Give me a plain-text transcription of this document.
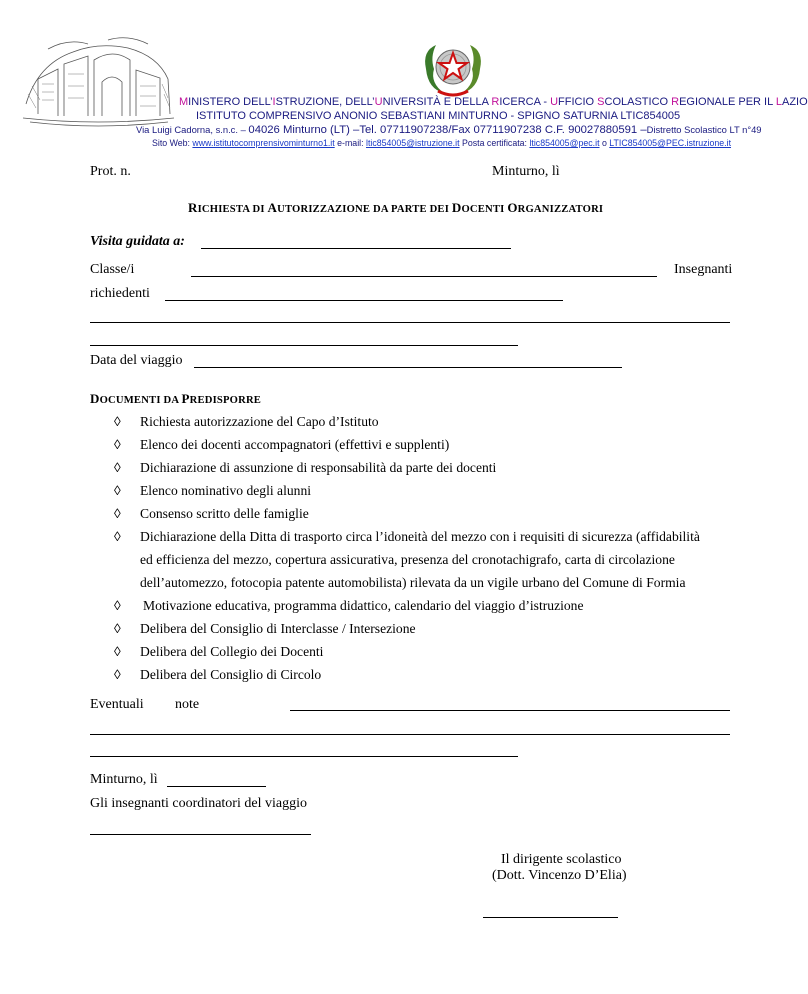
MINISTERO DELL’ISTRUZIONE, DELL’UNIVERSITÀ E DELLA RICERCA - UFFICIO SCOLASTICO REGIONALE PER IL LAZIO
ISTITUTO COMPRENSIVO ANONIO SEBASTIANI MINTURNO - SPIGNO SATURNIA LTIC854005
Via Luigi Cadorna, s.n.c. – 04026 Minturno (LT) –Tel. 07711907238/Fax 07711907238 C.F. 90027880591 –Distretto Scolastico LT n°49
Sito Web: www.istitutocomprensivominturno1.it e-mail: ltic854005@istruzione.it Posta certificata: ltic854005@pec.it o LTIC854005@PEC.istruzione.it
Prot. n.	Minturno, lì
RICHIESTA DI AUTORIZZAZIONE DA PARTE DEI DOCENTI ORGANIZZATORI
Visita guidata a:
Classe/i	Insegnanti
richiedenti
Data del viaggio
DOCUMENTI DA PREDISPORRE
◊ Richiesta autorizzazione del Capo d’Istituto
◊ Elenco dei docenti accompagnatori (effettivi e supplenti)
◊ Dichiarazione di assunzione di responsabilità da parte dei docenti
◊ Elenco nominativo degli alunni
◊ Consenso scritto delle famiglie
◊ Dichiarazione della Ditta di trasporto circa l’idoneità del mezzo con i requisiti di sicurezza (affidabilità
ed efficienza del mezzo, copertura assicurativa, presenza del cronotachigrafo, carta di circolazione
dell’automezzo, fotocopia patente automobilista) rilevata da un vigile urbano del Comune di Formia
◊ Motivazione educativa, programma didattico, calendario del viaggio d’istruzione
◊ Delibera del Consiglio di Interclasse / Intersezione
◊ Delibera del Collegio dei Docenti
◊ Delibera del Consiglio di Circolo
Eventuali note
Minturno, lì
Gli insegnanti coordinatori del viaggio
Il dirigente scolastico
(Dott. Vincenzo D’Elia)
